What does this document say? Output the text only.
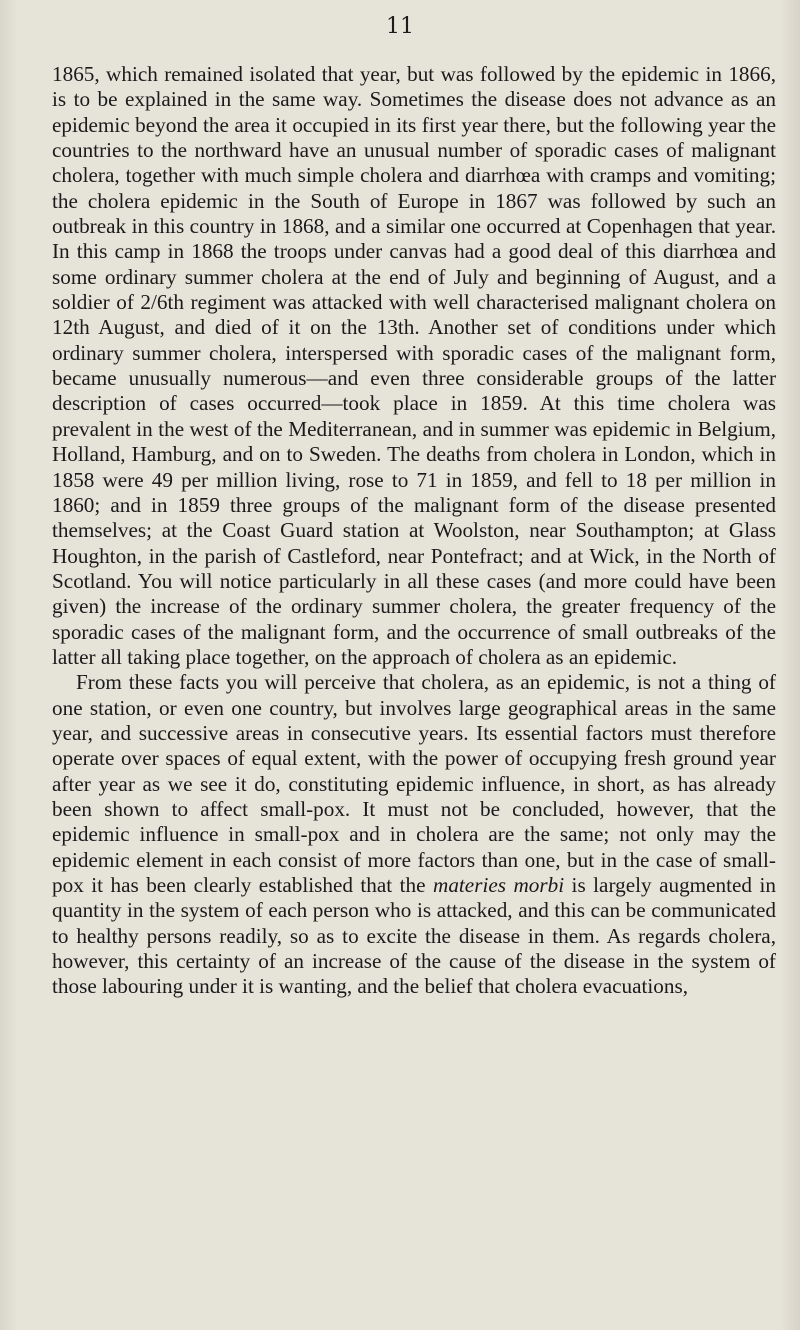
11

1865, which remained isolated that year, but was followed by the epidemic in 1866, is to be explained in the same way. Sometimes the disease does not advance as an epidemic beyond the area it occupied in its first year there, but the following year the countries to the northward have an unusual number of sporadic cases of malignant cholera, together with much simple cholera and diarrhœa with cramps and vomiting; the cholera epidemic in the South of Europe in 1867 was followed by such an outbreak in this country in 1868, and a similar one occurred at Copenhagen that year. In this camp in 1868 the troops under canvas had a good deal of this diarrhœa and some ordinary summer cholera at the end of July and beginning of August, and a soldier of 2/6th regiment was attacked with well characterised malignant cholera on 12th August, and died of it on the 13th. Another set of conditions under which ordinary summer cholera, interspersed with sporadic cases of the malignant form, became unusually numerous—and even three considerable groups of the latter description of cases occurred—took place in 1859. At this time cholera was prevalent in the west of the Mediterranean, and in summer was epidemic in Belgium, Holland, Hamburg, and on to Sweden. The deaths from cholera in London, which in 1858 were 49 per million living, rose to 71 in 1859, and fell to 18 per million in 1860; and in 1859 three groups of the malignant form of the disease presented themselves; at the Coast Guard station at Woolston, near Southampton; at Glass Houghton, in the parish of Castleford, near Pontefract; and at Wick, in the North of Scotland. You will notice particularly in all these cases (and more could have been given) the increase of the ordinary summer cholera, the greater frequency of the sporadic cases of the malignant form, and the occurrence of small outbreaks of the latter all taking place together, on the approach of cholera as an epidemic.

From these facts you will perceive that cholera, as an epidemic, is not a thing of one station, or even one country, but involves large geographical areas in the same year, and successive areas in consecutive years. Its essential factors must therefore operate over spaces of equal extent, with the power of occupying fresh ground year after year as we see it do, constituting epidemic influence, in short, as has already been shown to affect small-pox. It must not be concluded, however, that the epidemic influence in small-pox and in cholera are the same; not only may the epidemic element in each consist of more factors than one, but in the case of small-pox it has been clearly established that the materies morbi is largely augmented in quantity in the system of each person who is attacked, and this can be communicated to healthy persons readily, so as to excite the disease in them. As regards cholera, however, this certainty of an increase of the cause of the disease in the system of those labouring under it is wanting, and the belief that cholera evacuations,
